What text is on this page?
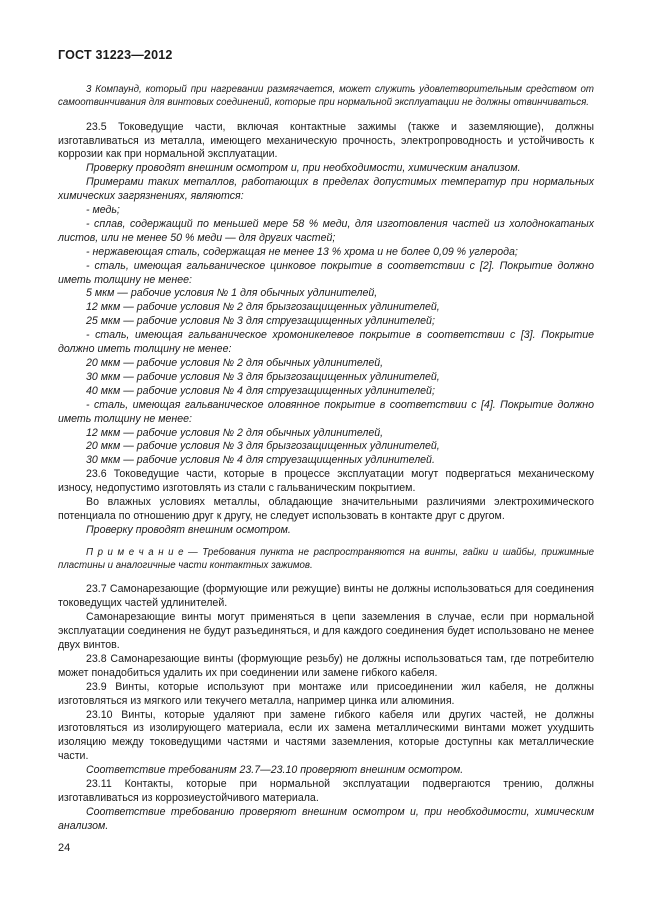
ГОСТ 31223—2012

3 Компаунд, который при нагревании размягчается, может служить удовлетворительным средством от самоотвинчивания для винтовых соединений, которые при нормальной эксплуатации не должны отвинчиваться.

23.5 Токоведущие части, включая контактные зажимы (также и заземляющие), должны изготавливаться из металла, имеющего механическую прочность, электропроводность и устойчивость к коррозии как при нормальной эксплуатации.

Проверку проводят внешним осмотром и, при необходимости, химическим анализом.

Примерами таких металлов, работающих в пределах допустимых температур при нормальных химических загрязнениях, являются:

- медь;

- сплав, содержащий по меньшей мере 58 % меди, для изготовления частей из холоднокатаных листов, или не менее 50 % меди — для других частей;

- нержавеющая сталь, содержащая не менее 13 % хрома и не более 0,09 % углерода;

- сталь, имеющая гальваническое цинковое покрытие в соответствии с [2]. Покрытие должно иметь толщину не менее:

5 мкм — рабочие условия № 1 для обычных удлинителей,

12 мкм — рабочие условия № 2 для брызгозащищенных удлинителей,

25 мкм — рабочие условия № 3 для струезащищенных удлинителей;

- сталь, имеющая гальваническое хромоникелевое покрытие в соответствии с [3]. Покрытие должно иметь толщину не менее:

20 мкм — рабочие условия № 2 для обычных удлинителей,

30 мкм — рабочие условия № 3 для брызгозащищенных удлинителей,

40 мкм — рабочие условия № 4 для струезащищенных удлинителей;

- сталь, имеющая гальваническое оловянное покрытие в соответствии с [4]. Покрытие должно иметь толщину не менее:

12 мкм — рабочие условия № 2 для обычных удлинителей,

20 мкм — рабочие условия № 3 для брызгозащищенных удлинителей,

30 мкм — рабочие условия № 4 для струезащищенных удлинителей.

23.6 Токоведущие части, которые в процессе эксплуатации могут подвергаться механическому износу, недопустимо изготовлять из стали с гальваническим покрытием.

Во влажных условиях металлы, обладающие значительными различиями электрохимического потенциала по отношению друг к другу, не следует использовать в контакте друг с другом.

Проверку проводят внешним осмотром.

П р и м е ч а н и е — Требования пункта не распространяются на винты, гайки и шайбы, прижимные пластины и аналогичные части контактных зажимов.

23.7 Самонарезающие (формующие или режущие) винты не должны использоваться для соединения токоведущих частей удлинителей.

Самонарезающие винты могут применяться в цепи заземления в случае, если при нормальной эксплуатации соединения не будут разъединяться, и для каждого соединения будет использовано не менее двух винтов.

23.8 Самонарезающие винты (формующие резьбу) не должны использоваться там, где потребителю может понадобиться удалить их при соединении или замене гибкого кабеля.

23.9 Винты, которые используют при монтаже или присоединении жил кабеля, не должны изготовляться из мягкого или текучего металла, например цинка или алюминия.

23.10 Винты, которые удаляют при замене гибкого кабеля или других частей, не должны изготовляться из изолирующего материала, если их замена металлическими винтами может ухудшить изоляцию между токоведущими частями и частями заземления, которые доступны как металлические части.

Соответствие требованиям 23.7—23.10 проверяют внешним осмотром.

23.11 Контакты, которые при нормальной эксплуатации подвергаются трению, должны изготавливаться из коррозиеустойчивого материала.

Соответствие требованию проверяют внешним осмотром и, при необходимости, химическим анализом.

24
